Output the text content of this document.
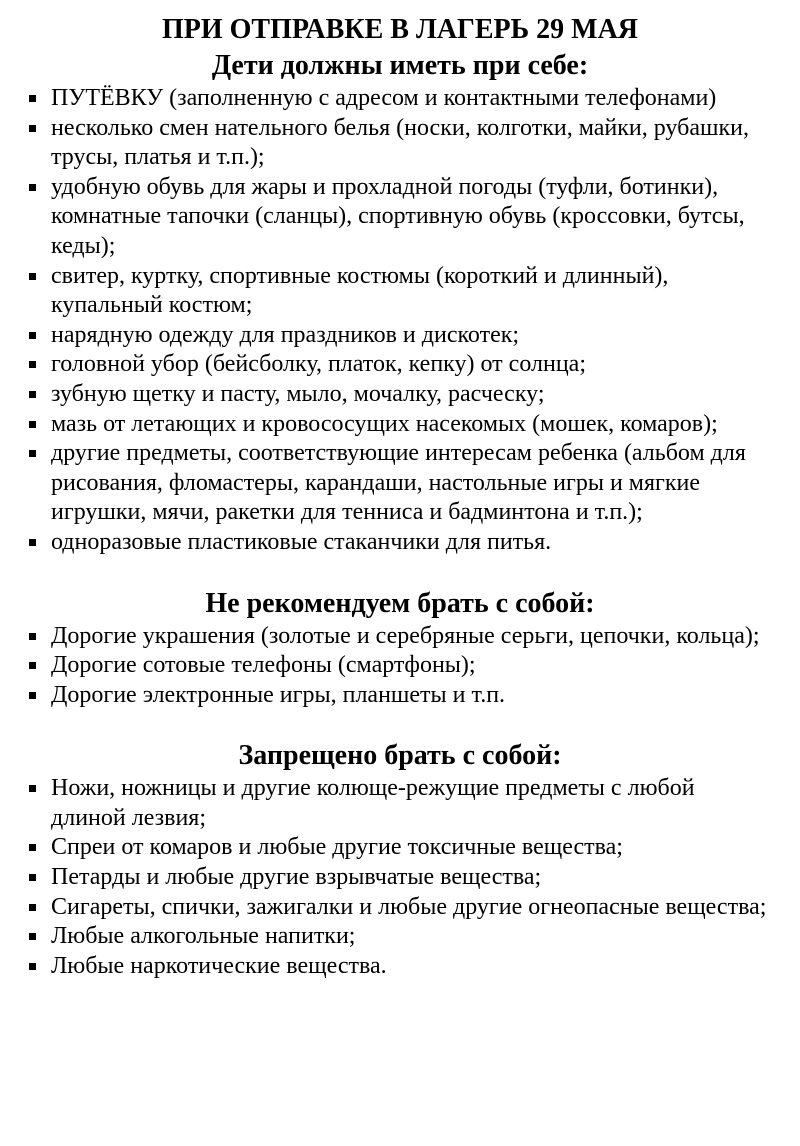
ПРИ ОТПРАВКЕ В ЛАГЕРЬ 29 МАЯ
Дети должны иметь при себе:
ПУТЁВКУ (заполненную с адресом и контактными телефонами)
несколько смен нательного белья (носки, колготки, майки, рубашки, трусы, платья и т.п.);
удобную обувь для жары и прохладной погоды (туфли, ботинки), комнатные тапочки (сланцы), спортивную обувь (кроссовки, бутсы, кеды);
свитер, куртку, спортивные костюмы (короткий и длинный), купальный костюм;
нарядную одежду для праздников и дискотек;
головной убор (бейсболку, платок, кепку) от солнца;
зубную щетку и пасту, мыло, мочалку, расческу;
мазь от летающих и кровососущих насекомых (мошек, комаров);
другие предметы, соответствующие интересам ребенка (альбом для рисования, фломастеры, карандаши, настольные игры и мягкие игрушки, мячи, ракетки для тенниса и бадминтона и т.п.);
одноразовые пластиковые стаканчики для питья.
Не рекомендуем брать с собой:
Дорогие украшения (золотые и серебряные серьги, цепочки, кольца);
Дорогие сотовые телефоны (смартфоны);
Дорогие электронные игры, планшеты и т.п.
Запрещено брать с собой:
Ножи, ножницы и другие колюще-режущие предметы с любой длиной лезвия;
Спреи от комаров и любые другие токсичные вещества;
Петарды и любые другие взрывчатые вещества;
Сигареты, спички, зажигалки и любые другие огнеопасные вещества;
Любые алкогольные напитки;
Любые наркотические вещества.
